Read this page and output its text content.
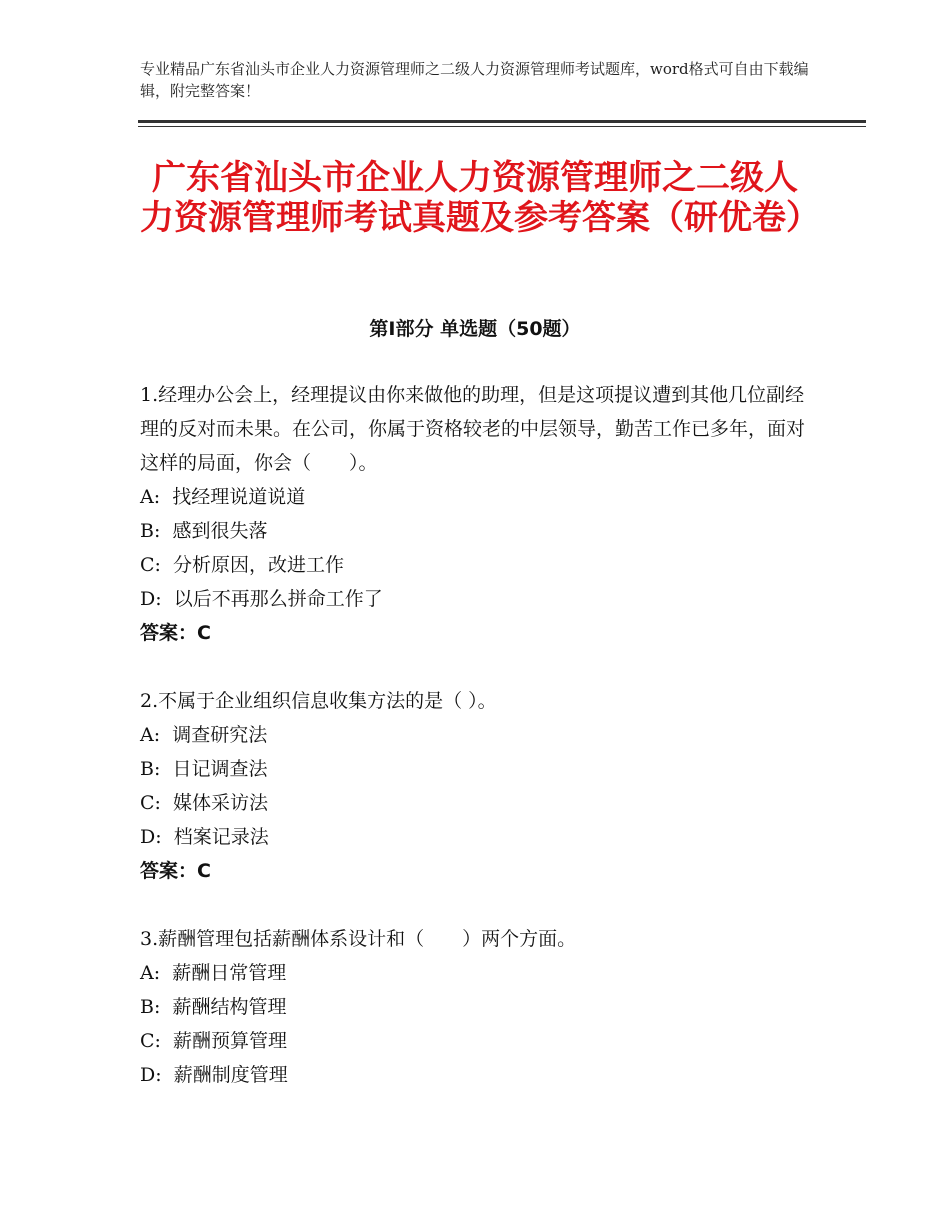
专业精品广东省汕头市企业人力资源管理师之二级人力资源管理师考试题库，word格式可自由下载编辑，附完整答案！
广东省汕头市企业人力资源管理师之二级人力资源管理师考试真题及参考答案（研优卷）
第Ⅰ部分 单选题（50题）
1.经理办公会上，经理提议由你来做他的助理，但是这项提议遭到其他几位副经理的反对而未果。在公司，你属于资格较老的中层领导，勤苦工作已多年，面对这样的局面，你会（　　）。
A:  找经理说道说道
B:  感到很失落
C:  分析原因，改进工作
D:  以后不再那么拼命工作了
答案：C
2.不属于企业组织信息收集方法的是（ ）。
A:  调查研究法
B:  日记调查法
C:  媒体采访法
D:  档案记录法
答案：C
3.薪酬管理包括薪酬体系设计和（　　）两个方面。
A:  薪酬日常管理
B:  薪酬结构管理
C:  薪酬预算管理
D:  薪酬制度管理
